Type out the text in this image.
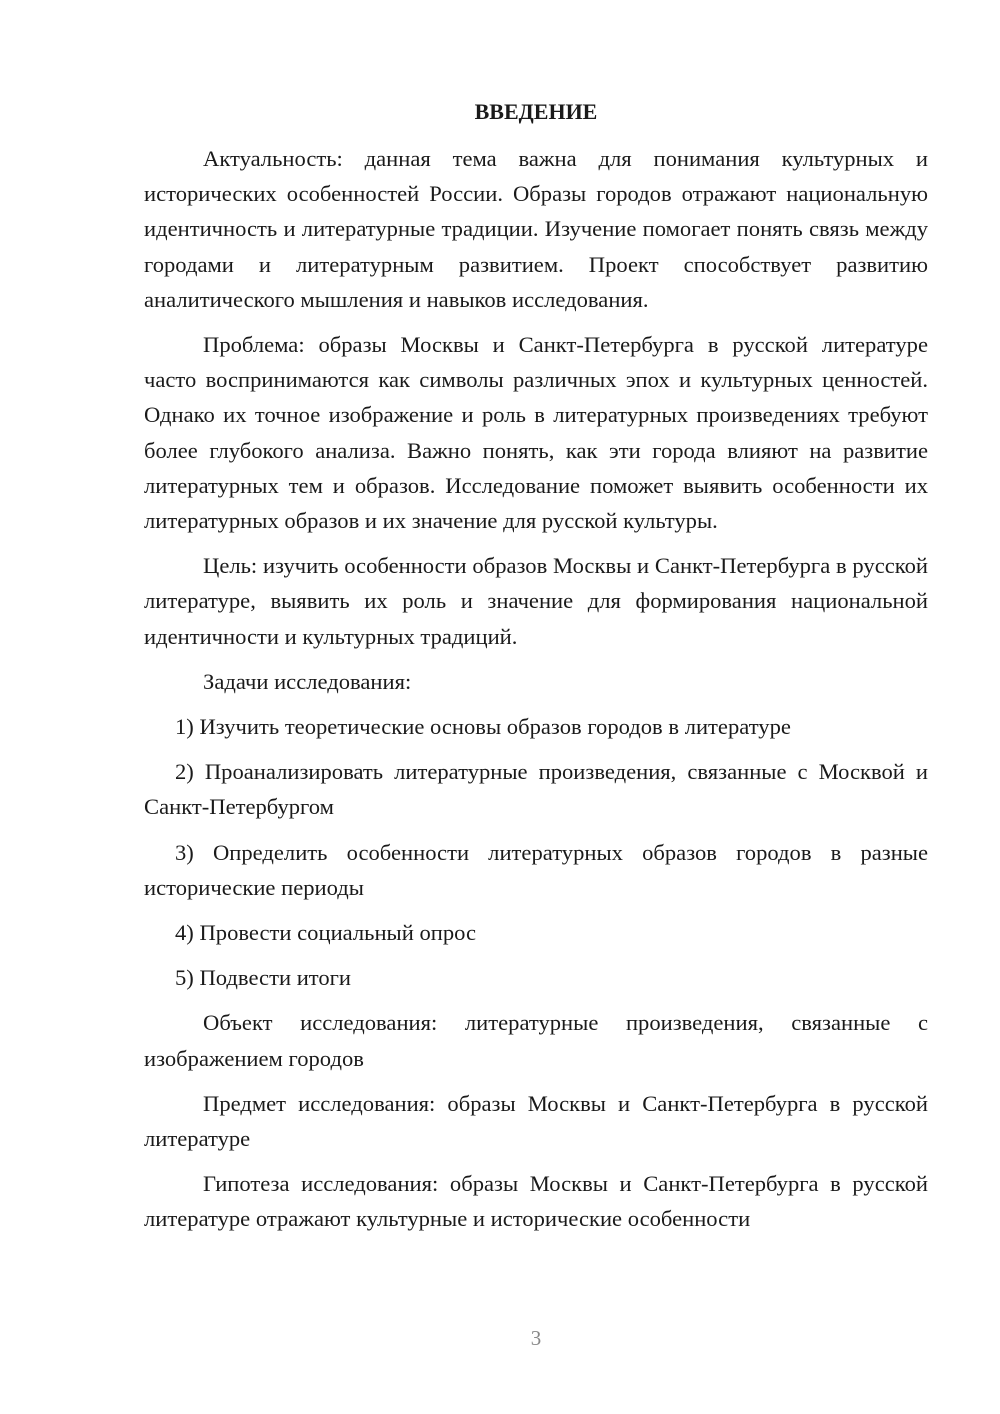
ВВЕДЕНИЕ

Актуальность: данная тема важна для понимания культурных и исторических особенностей России. Образы городов отражают национальную идентичность и литературные традиции. Изучение помогает понять связь между городами и литературным развитием. Проект способствует развитию аналитического мышления и навыков исследования.

Проблема: образы Москвы и Санкт-Петербурга в русской литературе часто воспринимаются как символы различных эпох и культурных ценностей. Однако их точное изображение и роль в литературных произведениях требуют более глубокого анализа. Важно понять, как эти города влияют на развитие литературных тем и образов. Исследование поможет выявить особенности их литературных образов и их значение для русской культуры.

Цель: изучить особенности образов Москвы и Санкт-Петербурга в русской литературе, выявить их роль и значение для формирования национальной идентичности и культурных традиций.

Задачи исследования:

1) Изучить теоретические основы образов городов в литературе

2) Проанализировать литературные произведения, связанные с Москвой и Санкт-Петербургом

3) Определить особенности литературных образов городов в разные исторические периоды

4) Провести социальный опрос

5) Подвести итоги

Объект исследования: литературные произведения, связанные с изображением городов

Предмет исследования: образы Москвы и Санкт-Петербурга в русской литературе

Гипотеза исследования: образы Москвы и Санкт-Петербурга в русской литературе отражают культурные и исторические особенности

3
